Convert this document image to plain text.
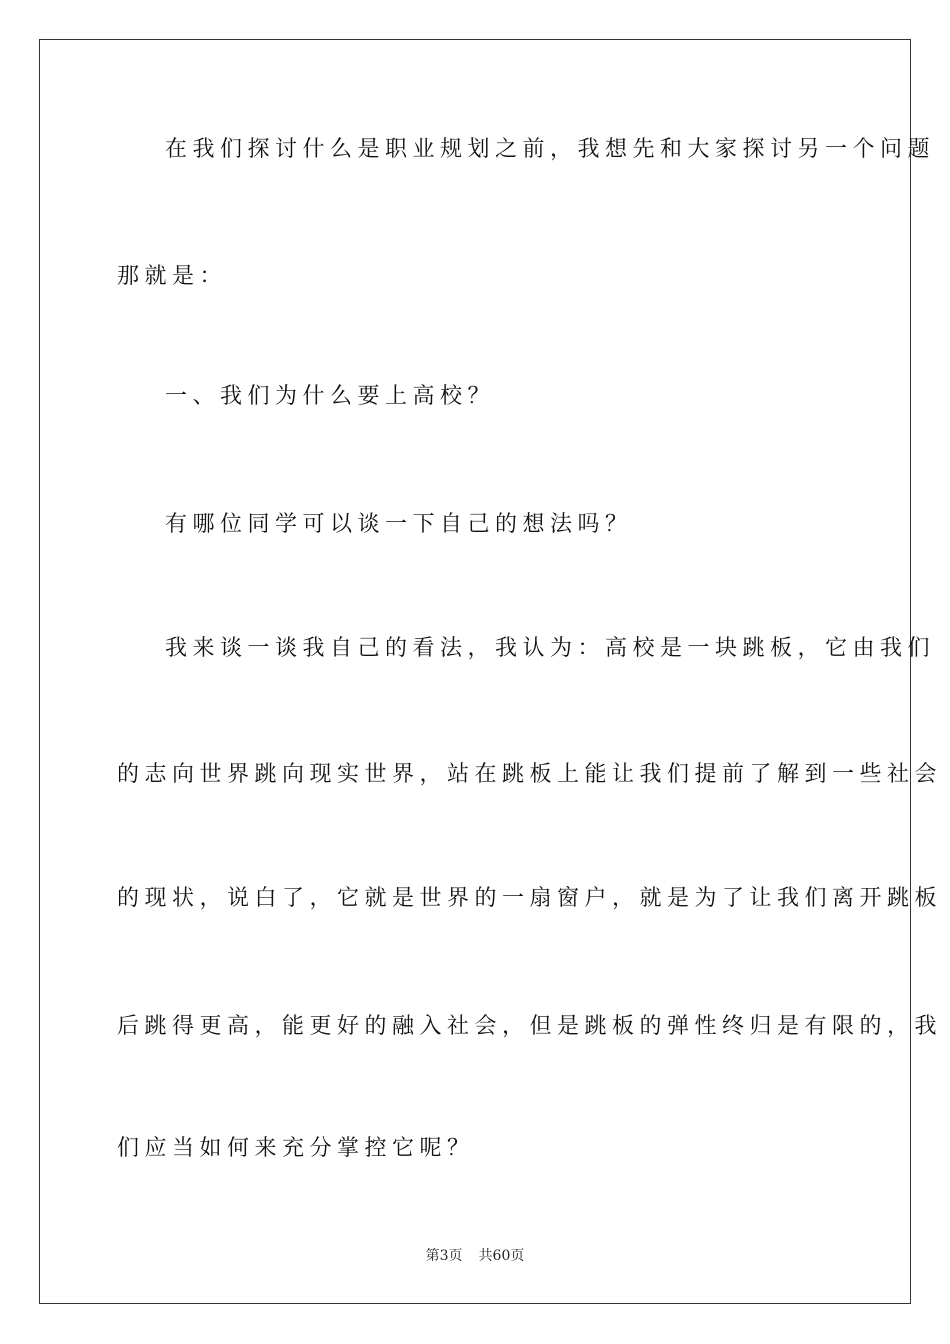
在我们探讨什么是职业规划之前，我想先和大家探讨另一个问题
那就是：
一、我们为什么要上高校？
有哪位同学可以谈一下自己的想法吗？
我来谈一谈我自己的看法，我认为：高校是一块跳板，它由我们
的志向世界跳向现实世界，站在跳板上能让我们提前了解到一些社会
的现状，说白了，它就是世界的一扇窗户，就是为了让我们离开跳板
后跳得更高，能更好的融入社会，但是跳板的弹性终归是有限的，我
们应当如何来充分掌控它呢？
第3页 共60页
